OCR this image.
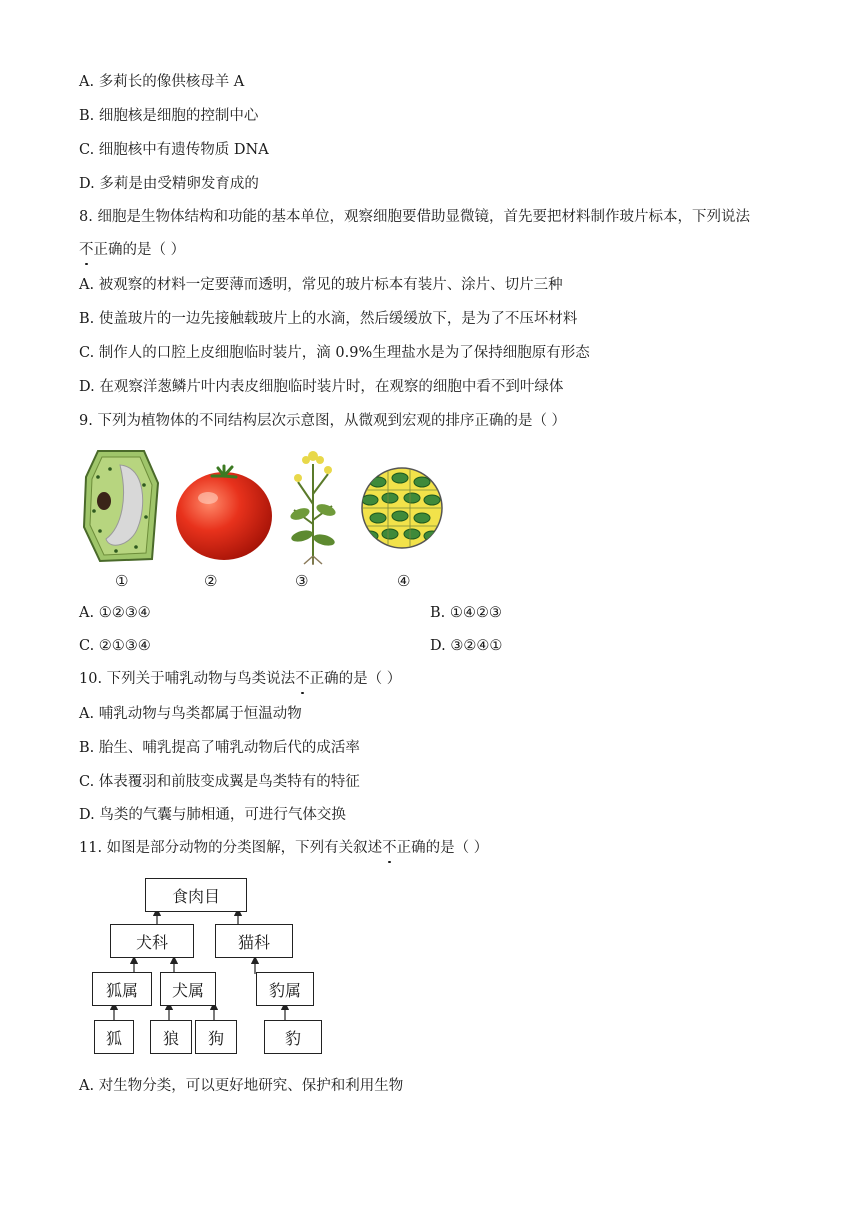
A. 多莉长的像供核母羊 A
B. 细胞核是细胞的控制中心
C. 细胞核中有遗传物质 DNA
D. 多莉是由受精卵发育成的
8. 细胞是生物体结构和功能的基本单位，观察细胞要借助显微镜，首先要把材料制作玻片标本，下列说法
不正确的是（ ）
A. 被观察的材料一定要薄而透明，常见的玻片标本有装片、涂片、切片三种
B. 使盖玻片的一边先接触载玻片上的水滴，然后缓缓放下，是为了不压坏材料
C. 制作人的口腔上皮细胞临时装片，滴 0.9%生理盐水是为了保持细胞原有形态
D. 在观察洋葱鳞片叶内表皮细胞临时装片时，在观察的细胞中看不到叶绿体
9. 下列为植物体的不同结构层次示意图，从微观到宏观的排序正确的是（ ）
①	②	③	④
A. ①②③④	B. ①④②③
C. ②①③④	D. ③②④①
10. 下列关于哺乳动物与鸟类说法不正确的是（ ）
A. 哺乳动物与鸟类都属于恒温动物
B. 胎生、哺乳提高了哺乳动物后代的成活率
C. 体表覆羽和前肢变成翼是鸟类特有的特征
D. 鸟类的气囊与肺相通，可进行气体交换
11. 如图是部分动物的分类图解，下列有关叙述不正确的是（ ）
食肉目
犬科	猫科
狐属	犬属	豹属
狐	狼	狗	豹
A. 对生物分类，可以更好地研究、保护和利用生物
